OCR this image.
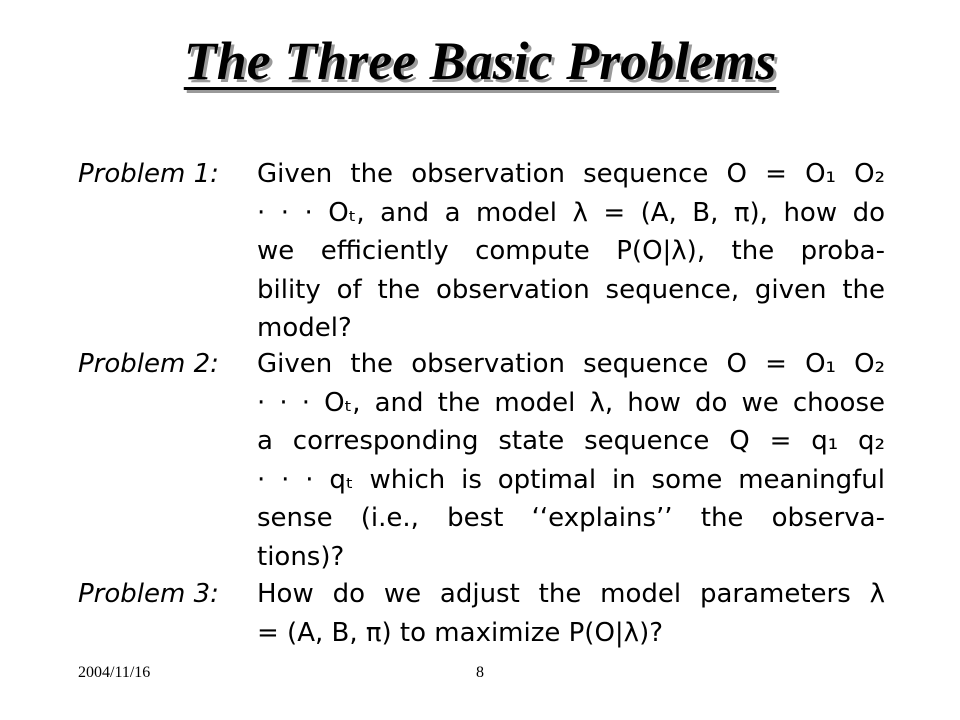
The Three Basic Problems
Problem 1:	Given the observation sequence O = O₁ O₂
· · · Oₜ, and a model λ = (A, B, π), how do
we efficiently compute P(O|λ), the proba-
bility of the observation sequence, given the
model?
Problem 2:	Given the observation sequence O = O₁ O₂
· · · Oₜ, and the model λ, how do we choose
a corresponding state sequence Q = q₁ q₂
· · · qₜ which is optimal in some meaningful
sense (i.e., best ‘‘explains’’ the observa-
tions)?
Problem 3:	How do we adjust the model parameters λ
= (A, B, π) to maximize P(O|λ)?
2004/11/16	8
